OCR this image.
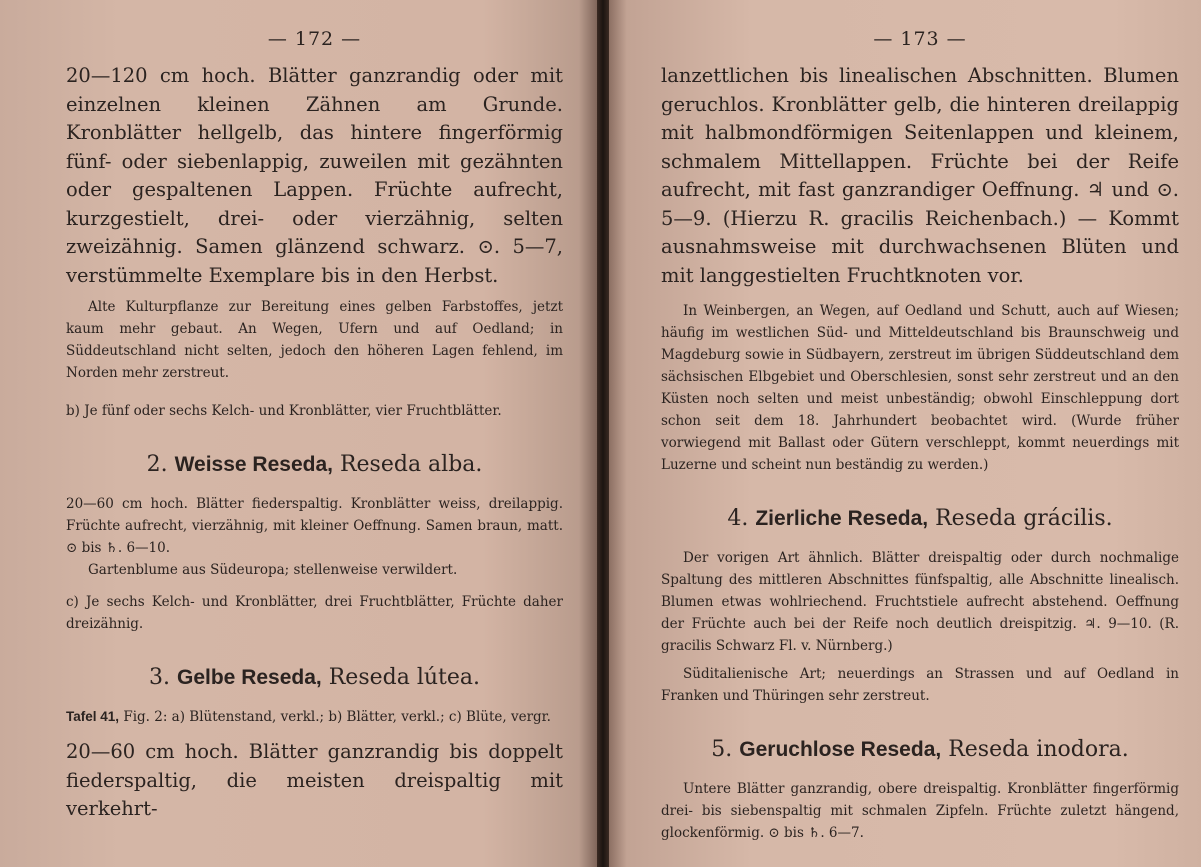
— 172 —

20—120 cm hoch. Blätter ganzrandig oder mit einzelnen kleinen Zähnen am Grunde. Kronblätter hellgelb, das hintere fingerförmig fünf- oder siebenlappig, zuweilen mit gezähnten oder gespaltenen Lappen. Früchte aufrecht, kurzgestielt, drei- oder vierzähnig, selten zweizähnig. Samen glänzend schwarz. ⊙. 5—7, verstümmelte Exemplare bis in den Herbst.

Alte Kulturpflanze zur Bereitung eines gelben Farbstoffes, jetzt kaum mehr gebaut. An Wegen, Ufern und auf Oedland; in Süddeutschland nicht selten, jedoch den höheren Lagen fehlend, im Norden mehr zerstreut.

b) Je fünf oder sechs Kelch- und Kronblätter, vier Fruchtblätter.

2. Weisse Reseda, Reseda alba.

20—60 cm hoch. Blätter fiederspaltig. Kronblätter weiss, dreilappig. Früchte aufrecht, vierzähnig, mit kleiner Oeffnung. Samen braun, matt. ⊙ bis ♄. 6—10.

Gartenblume aus Südeuropa; stellenweise verwildert.

c) Je sechs Kelch- und Kronblätter, drei Fruchtblätter, Früchte daher dreizähnig.

3. Gelbe Reseda, Reseda lútea.

Tafel 41, Fig. 2: a) Blütenstand, verkl.; b) Blätter, verkl.; c) Blüte, vergr.

20—60 cm hoch. Blätter ganzrandig bis doppelt fiederspaltig, die meisten dreispaltig mit verkehrt-

— 173 —

lanzettlichen bis linealischen Abschnitten. Blumen geruchlos. Kronblätter gelb, die hinteren dreilappig mit halbmondförmigen Seitenlappen und kleinem, schmalem Mittellappen. Früchte bei der Reife aufrecht, mit fast ganzrandiger Oeffnung. ♃ und ⊙. 5—9. (Hierzu R. gracilis Reichenbach.) — Kommt ausnahmsweise mit durchwachsenen Blüten und mit langgestielten Fruchtknoten vor.

In Weinbergen, an Wegen, auf Oedland und Schutt, auch auf Wiesen; häufig im westlichen Süd- und Mitteldeutschland bis Braunschweig und Magdeburg sowie in Südbayern, zerstreut im übrigen Süddeutschland dem sächsischen Elbgebiet und Oberschlesien, sonst sehr zerstreut und an den Küsten noch selten und meist unbeständig; obwohl Einschleppung dort schon seit dem 18. Jahrhundert beobachtet wird. (Wurde früher vorwiegend mit Ballast oder Gütern verschleppt, kommt neuerdings mit Luzerne und scheint nun beständig zu werden.)

4. Zierliche Reseda, Reseda grácilis.

Der vorigen Art ähnlich. Blätter dreispaltig oder durch nochmalige Spaltung des mittleren Abschnittes fünfspaltig, alle Abschnitte linealisch. Blumen etwas wohlriechend. Fruchtstiele aufrecht abstehend. Oeffnung der Früchte auch bei der Reife noch deutlich dreispitzig. ♃. 9—10. (R. gracilis Schwarz Fl. v. Nürnberg.)

Süditalienische Art; neuerdings an Strassen und auf Oedland in Franken und Thüringen sehr zerstreut.

5. Geruchlose Reseda, Reseda inodora.

Untere Blätter ganzrandig, obere dreispaltig. Kronblätter fingerförmig drei- bis siebenspaltig mit schmalen Zipfeln. Früchte zuletzt hängend, glockenförmig. ⊙ bis ♄. 6—7.
